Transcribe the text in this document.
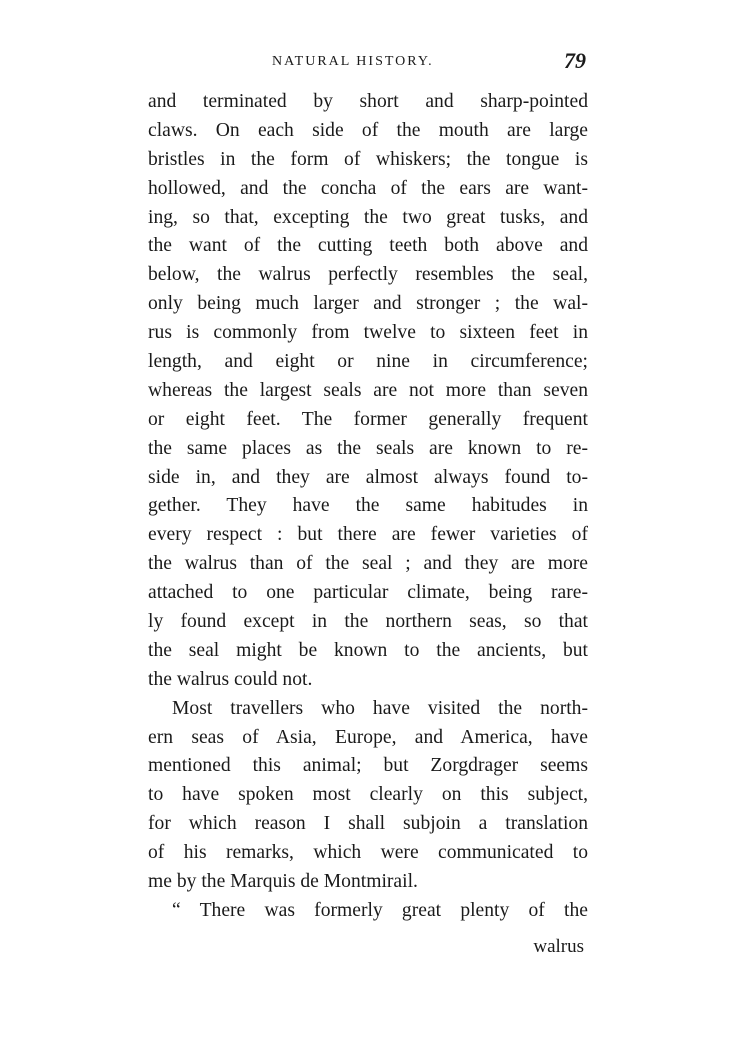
NATURAL HISTORY.	79
and terminated by short and sharp-pointed
claws. On each side of the mouth are large
bristles in the form of whiskers; the tongue is
hollowed, and the concha of the ears are want-
ing, so that, excepting the two great tusks, and
the want of the cutting teeth both above and
below, the walrus perfectly resembles the seal,
only being much larger and stronger ; the wal-
rus is commonly from twelve to sixteen feet in
length, and eight or nine in circumference;
whereas the largest seals are not more than seven
or eight feet. The former generally frequent
the same places as the seals are known to re-
side in, and they are almost always found to-
gether. They have the same habitudes in
every respect : but there are fewer varieties of
the walrus than of the seal ; and they are more
attached to one particular climate, being rare-
ly found except in the northern seas, so that
the seal might be known to the ancients, but
the walrus could not.
Most travellers who have visited the north-
ern seas of Asia, Europe, and America, have
mentioned this animal; but Zorgdrager seems
to have spoken most clearly on this subject,
for which reason I shall subjoin a translation
of his remarks, which were communicated to
me by the Marquis de Montmirail.
“ There was formerly great plenty of the
walrus
